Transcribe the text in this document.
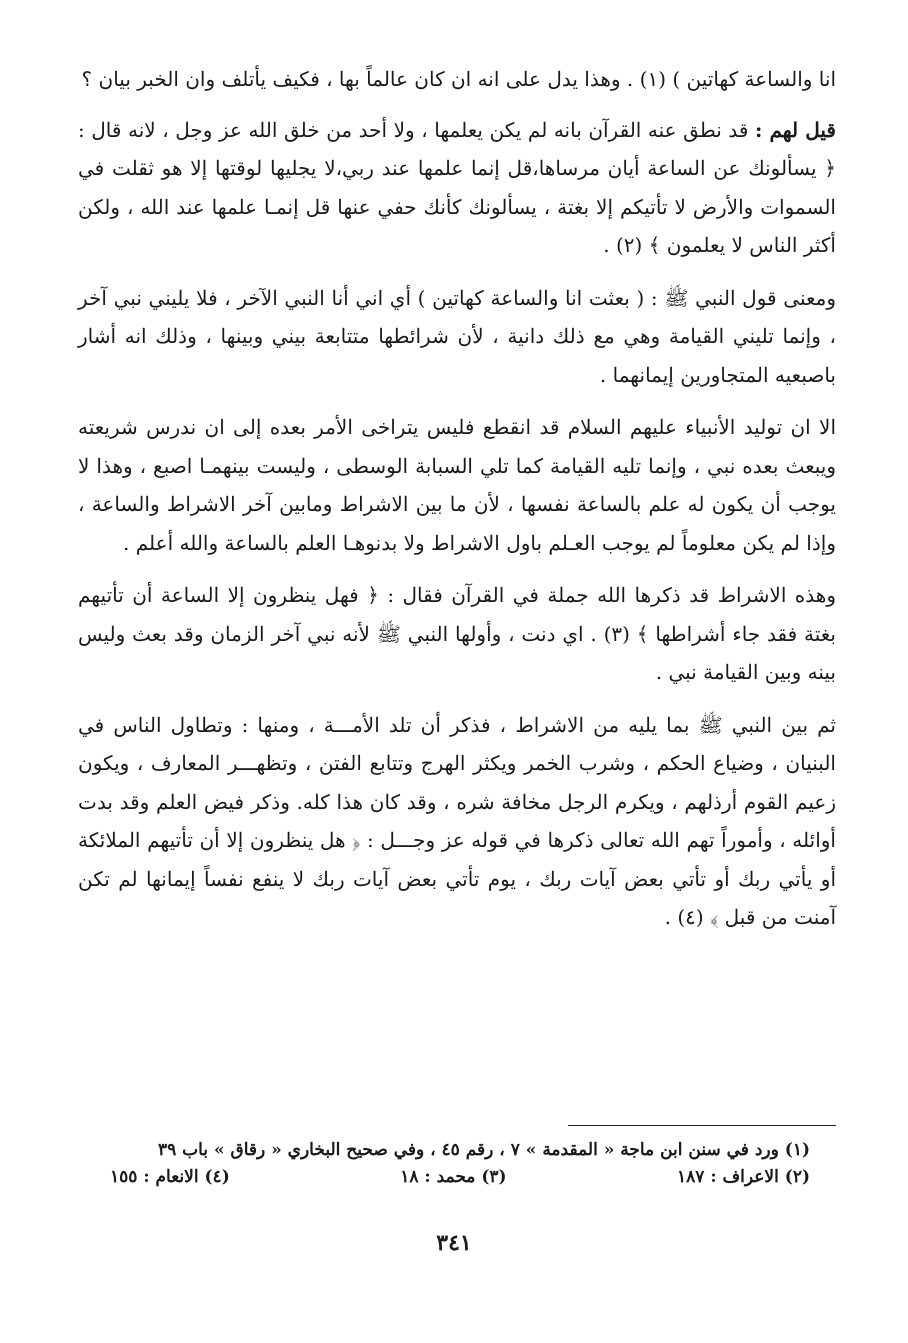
انا والساعة كهاتين ) (١) . وهذا يدل على انه ان كان عالماً بها ، فكيف يأتلف وان الخبر بيان ؟

قيل لهم : قد نطق عنه القرآن بانه لم يكن يعلمها ، ولا أحد من خلق الله عز وجل ، لانه قال : ﴿ يسألونك عن الساعة أيان مرساها،قل إنما علمها عند ربي،لا يجليها لوقتها إلا هو ثقلت في السموات والأرض لا تأتيكم إلا بغتة ، يسألونك كأنك حفي عنها قل إنمـا علمها عند الله ، ولكن أكثر الناس لا يعلمون ﴾ (٢) .

ومعنى قول النبي ﷺ : ( بعثت انا والساعة كهاتين ) أي اني أنا النبي الآخر ، فلا يليني نبي آخر ، وإنما تليني القيامة وهي مع ذلك دانية ، لأن شرائطها متتابعة بيني وبينها ، وذلك انه أشار باصبعيه المتجاورين إيمانهما .

الا ان توليد الأنبياء عليهم السلام قد انقطع فليس يتراخى الأمر بعده إلى ان ندرس شريعته ويبعث بعده نبي ، وإنما تليه القيامة كما تلي السبابة الوسطى ، وليست بينهمـا اصبع ، وهذا لا يوجب أن يكون له علم بالساعة نفسها ، لأن ما بين الاشراط ومابين آخر الاشراط والساعة ، وإذا لم يكن معلوماً لم يوجب العـلم باول الاشراط ولا بدنوهـا العلم بالساعة والله أعلم .

وهذه الاشراط قد ذكرها الله جملة في القرآن فقال : ﴿ فهل ينظرون إلا الساعة أن تأتيهم بغتة فقد جاء أشراطها ﴾ (٣) . اي دنت ، وأولها النبي ﷺ لأنه نبي آخر الزمان وقد بعث وليس بينه وبين القيامة نبي .

ثم بين النبي ﷺ بما يليه من الاشراط ، فذكر أن تلد الأمـــة ، ومنها : وتطاول الناس في البنيان ، وضياع الحكم ، وشرب الخمر ويكثر الهرج وتتابع الفتن ، وتظهـــر المعارف ، ويكون زعيم القوم أرذلهم ، ويكرم الرجل مخافة شره ، وقد كان هذا كله. وذكر فيض العلم وقد بدت أوائله ، وأموراً تهم الله تعالى ذكرها في قوله عز وجـــل : ﴿ هل ينظرون إلا أن تأتيهم الملائكة أو يأتي ربك أو تأتي بعض آيات ربك ، يوم تأتي بعض آيات ربك لا ينفع نفساً إيمانها لم تكن آمنت من قبل ﴾ (٤) .

(١) ورد في سنن ابن ماجة « المقدمة » ٧ ، رقم ٤٥ ، وفي صحيح البخاري « رقاق » باب ٣٩
(٢) الاعراف : ١٨٧
(٣) محمد : ١٨
(٤) الانعام : ١٥٥
٣٤١
